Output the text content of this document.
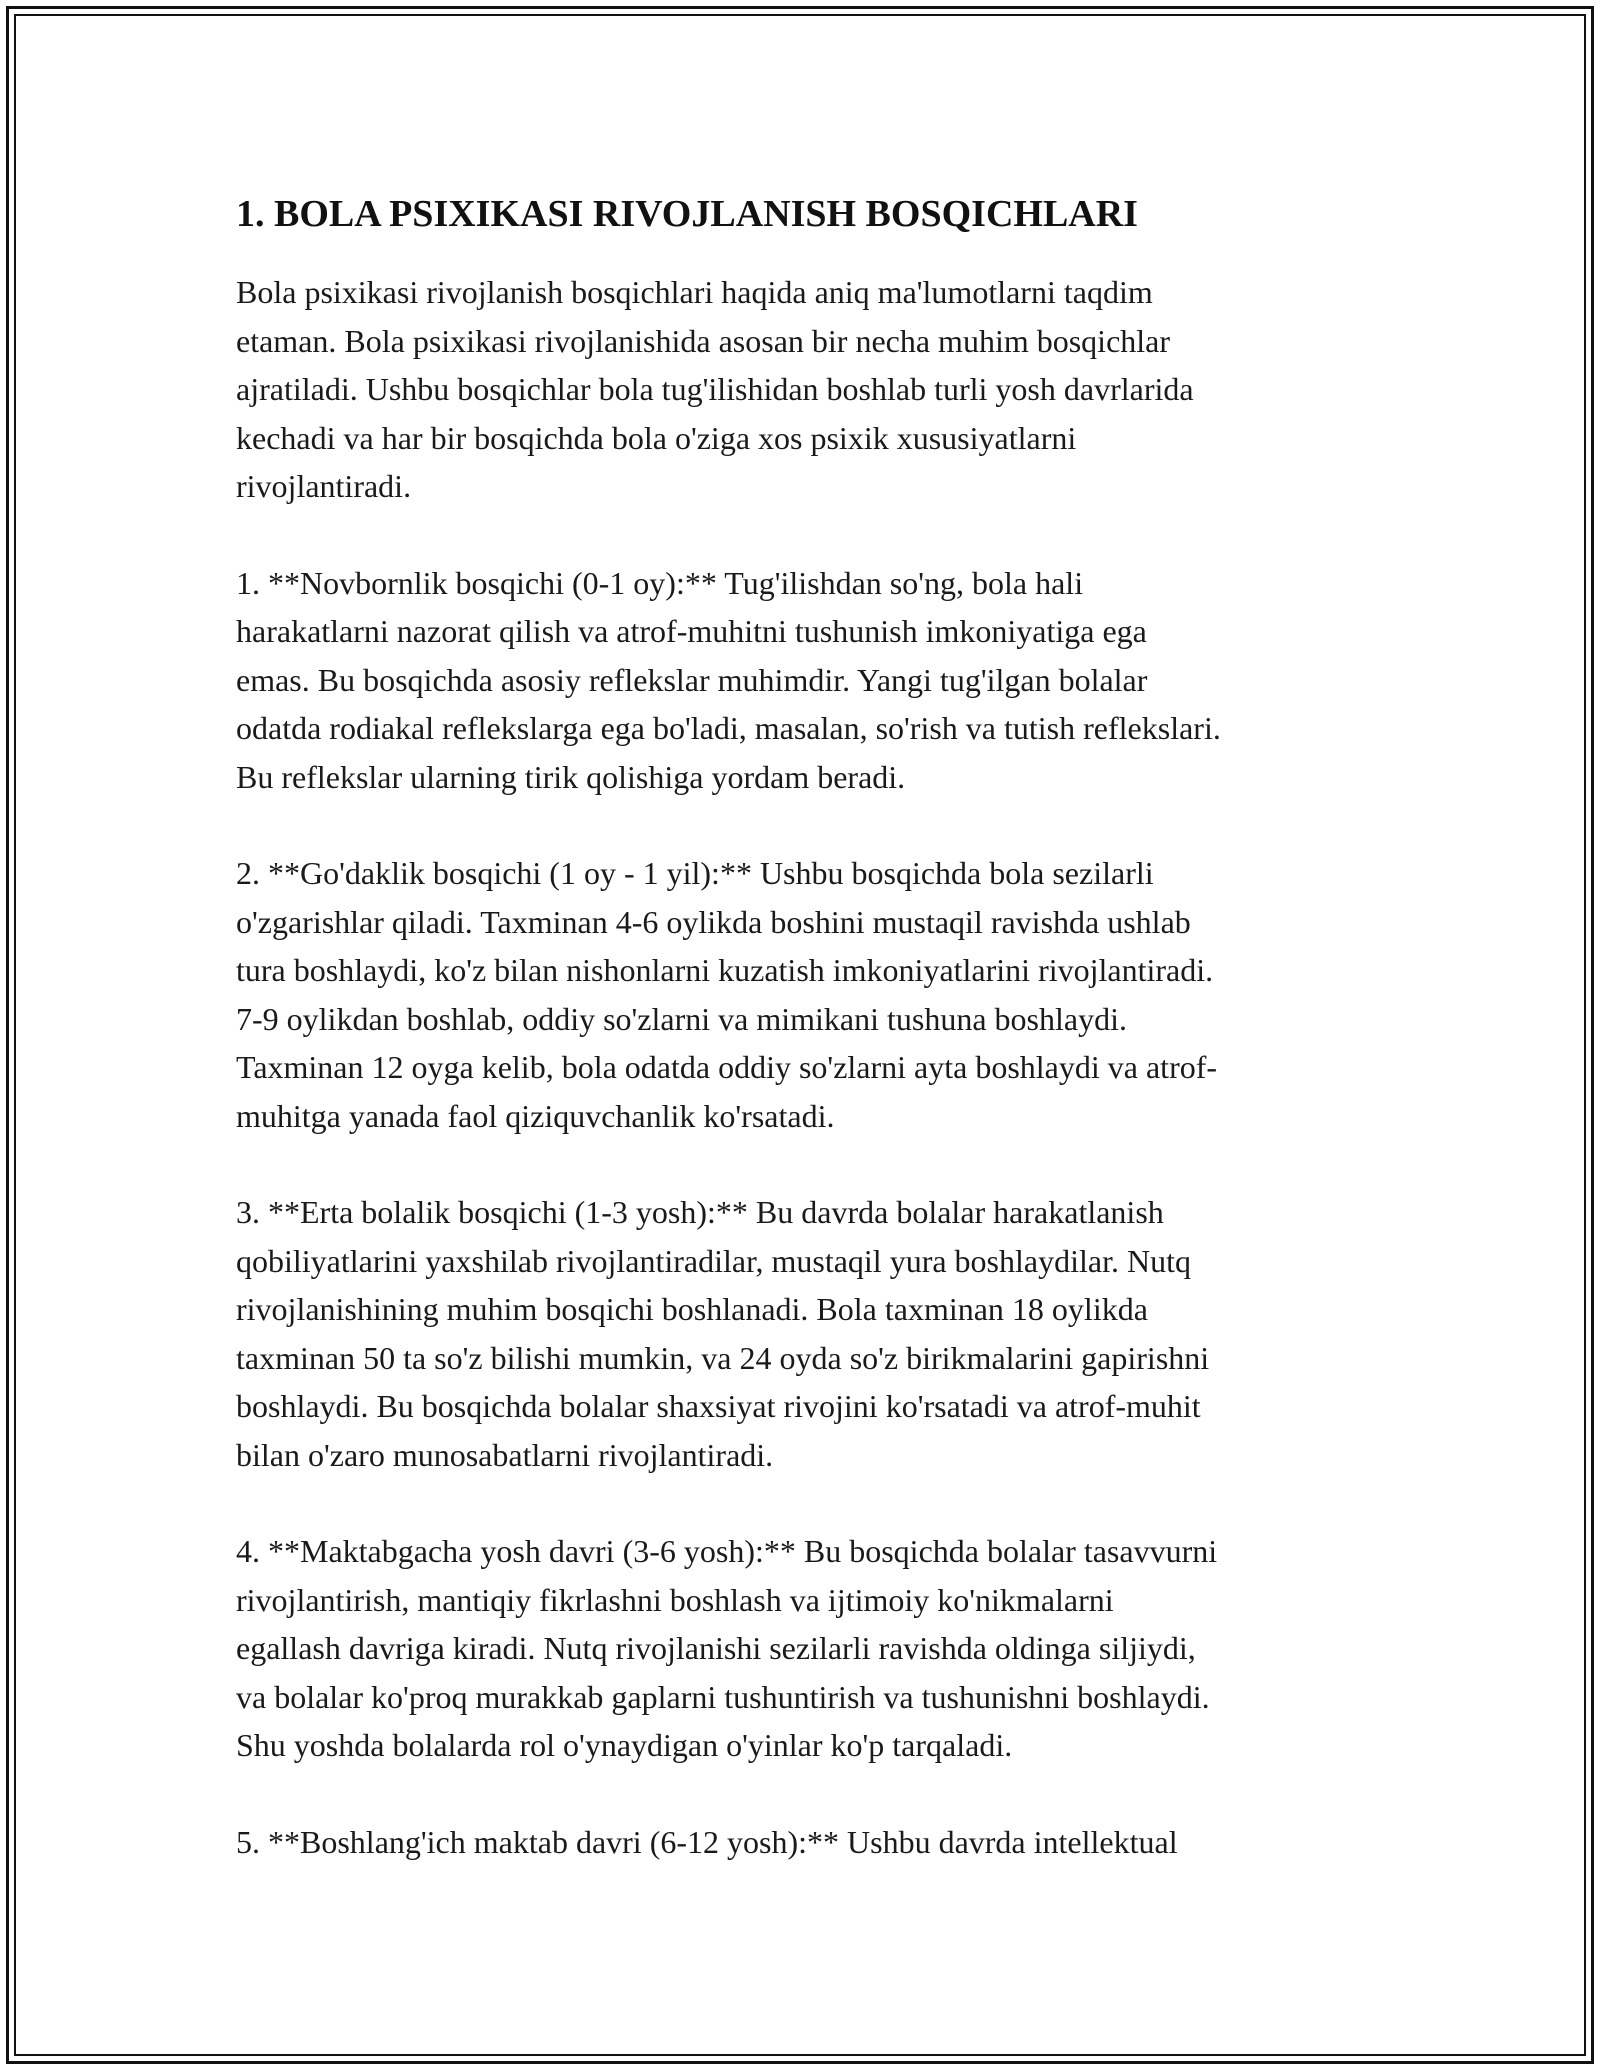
1. BOLA PSIXIKASI RIVOJLANISH BOSQICHLARI

Bola psixikasi rivojlanish bosqichlari haqida aniq ma'lumotlarni taqdim
etaman. Bola psixikasi rivojlanishida asosan bir necha muhim bosqichlar
ajratiladi. Ushbu bosqichlar bola tug'ilishidan boshlab turli yosh davrlarida
kechadi va har bir bosqichda bola o'ziga xos psixik xususiyatlarni
rivojlantiradi.

1. **Novbornlik bosqichi (0-1 oy):** Tug'ilishdan so'ng, bola hali
harakatlarni nazorat qilish va atrof-muhitni tushunish imkoniyatiga ega
emas. Bu bosqichda asosiy reflekslar muhimdir. Yangi tug'ilgan bolalar
odatda rodiakal reflekslarga ega bo'ladi, masalan, so'rish va tutish reflekslari.
Bu reflekslar ularning tirik qolishiga yordam beradi.

2. **Go'daklik bosqichi (1 oy - 1 yil):** Ushbu bosqichda bola sezilarli
o'zgarishlar qiladi. Taxminan 4-6 oylikda boshini mustaqil ravishda ushlab
tura boshlaydi, ko'z bilan nishonlarni kuzatish imkoniyatlarini rivojlantiradi.
7-9 oylikdan boshlab, oddiy so'zlarni va mimikani tushuna boshlaydi.
Taxminan 12 oyga kelib, bola odatda oddiy so'zlarni ayta boshlaydi va atrof-
muhitga yanada faol qiziquvchanlik ko'rsatadi.

3. **Erta bolalik bosqichi (1-3 yosh):** Bu davrda bolalar harakatlanish
qobiliyatlarini yaxshilab rivojlantiradilar, mustaqil yura boshlaydilar. Nutq
rivojlanishining muhim bosqichi boshlanadi. Bola taxminan 18 oylikda
taxminan 50 ta so'z bilishi mumkin, va 24 oyda so'z birikmalarini gapirishni
boshlaydi. Bu bosqichda bolalar shaxsiyat rivojini ko'rsatadi va atrof-muhit
bilan o'zaro munosabatlarni rivojlantiradi.

4. **Maktabgacha yosh davri (3-6 yosh):** Bu bosqichda bolalar tasavvurni
rivojlantirish, mantiqiy fikrlashni boshlash va ijtimoiy ko'nikmalarni
egallash davriga kiradi. Nutq rivojlanishi sezilarli ravishda oldinga siljiydi,
va bolalar ko'proq murakkab gaplarni tushuntirish va tushunishni boshlaydi.
Shu yoshda bolalarda rol o'ynaydigan o'yinlar ko'p tarqaladi.

5. **Boshlang'ich maktab davri (6-12 yosh):** Ushbu davrda intellektual
